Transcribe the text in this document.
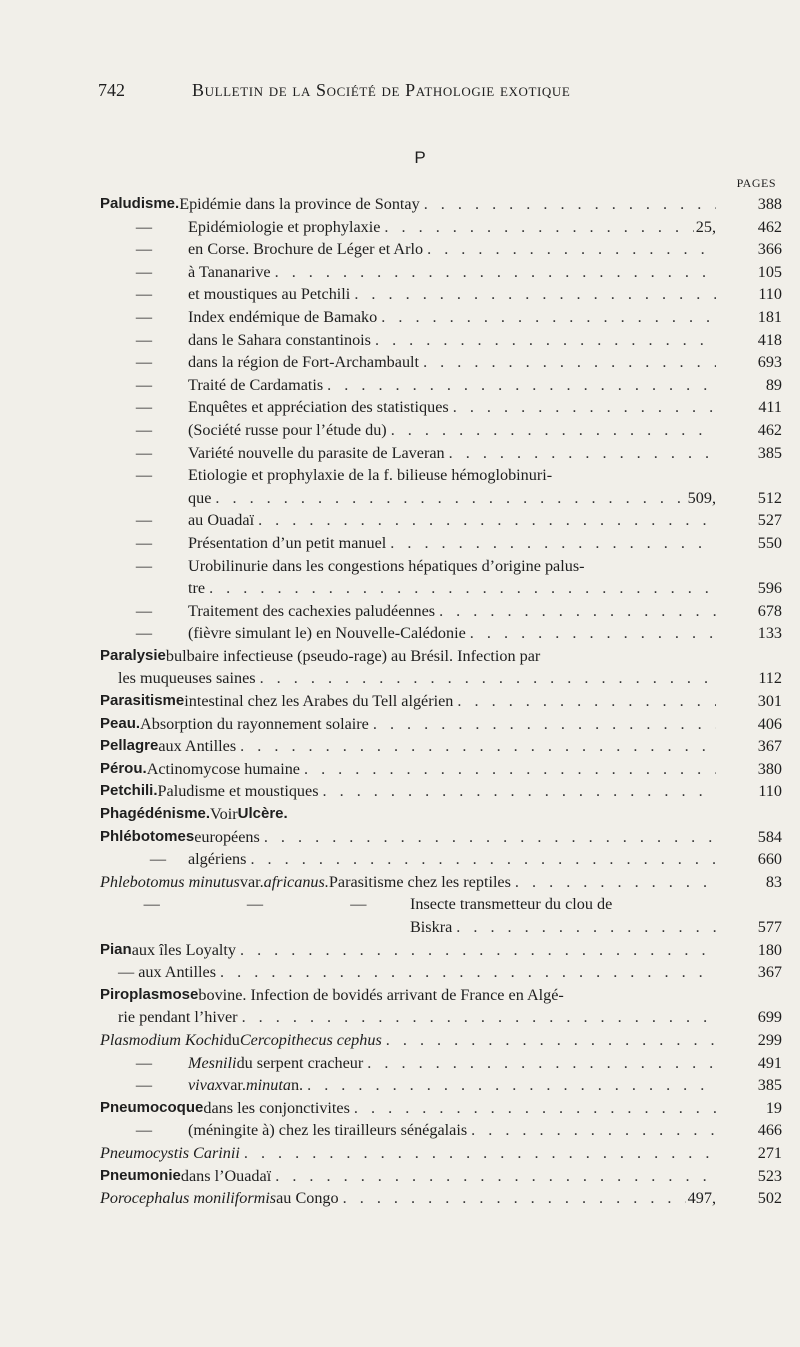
742	Bulletin de la Société de Pathologie exotique
P
PAGES
Paludisme. Epidémie dans la province de Sontay . . .	388
—	Epidémiologie et prophylaxie . . .	25,	462
—	en Corse. Brochure de Léger et Arlo . . .	366
—	à Tananarive . . .	105
—	et moustiques au Petchili . . .	110
—	Index endémique de Bamako . . .	181
—	dans le Sahara constantinois . . .	418
—	dans la région de Fort-Archambault . . .	693
—	Traité de Cardamatis . . .	89
—	Enquêtes et appréciation des statistiques . . .	411
—	(Société russe pour l’étude du) . . .	462
—	Variété nouvelle du parasite de Laveran . . .	385
—	Etiologie et prophylaxie de la f. bilieuse hémoglobinuri-
que . . .	509,	512
—	au Ouadaï . . .	527
—	Présentation d’un petit manuel . . .	550
—	Urobilinurie dans les congestions hépatiques d’origine palus-
tre . . .	596
—	Traitement des cachexies paludéennes . . .	678
—	(fièvre simulant le) en Nouvelle-Calédonie . . .	133
Paralysie bulbaire infectieuse (pseudo-rage) au Brésil. Infection par
les muqueuses saines . . .	112
Parasitisme intestinal chez les Arabes du Tell algérien . . .	301
Peau. Absorption du rayonnement solaire . . .	406
Pellagre aux Antilles . . .	367
Pérou. Actinomycose humaine . . .	380
Petchili. Paludisme et moustiques . . .	110
Phagédénisme. Voir Ulcère.
Phlébotomes européens . . .	584
—	algériens . . .	660
Phlebotomus minutus var. africanus. Parasitisme chez les reptiles . . .	83
—	—	—	Insecte transmetteur du clou de
Biskra . . .	577
Pian aux îles Loyalty . . .	180
— aux Antilles . . .	367
Piroplasmose bovine. Infection de bovidés arrivant de France en Algé-
rie pendant l’hiver . . .	699
Plasmodium Kochi du Cercopithecus cephus . . .	299
—	Mesnili du serpent cracheur . . .	491
—	vivax var. minuta n. . . .	385
Pneumocoque dans les conjonctivites . . .	19
—	(méningite à) chez les tirailleurs sénégalais . . .	466
Pneumocystis Carinii . . .	271
Pneumonie dans l’Ouadaï . . .	523
Porocephalus moniliformis au Congo . . .	497,	502
